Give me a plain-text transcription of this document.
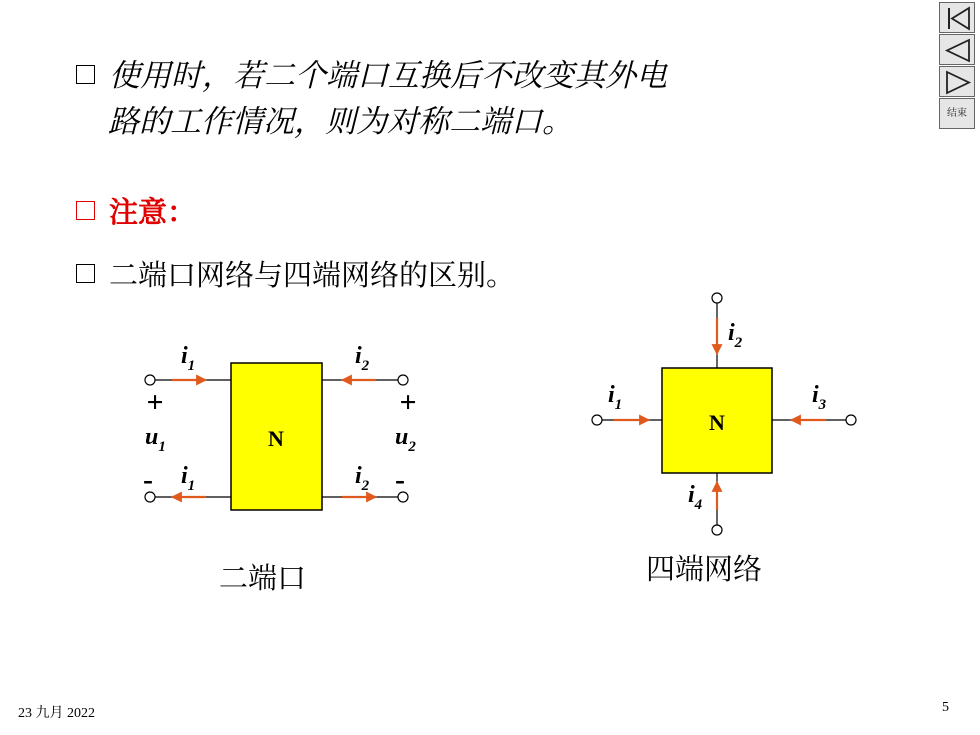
结束
使用时，若二个端口互换后不改变其外电
路的工作情况，则为对称二端口。
注意：
二端口网络与四端网络的区别。
N
$i_1$
$i_1$
$i_2$
$i_2$
+	+
$u_1$	$u_2$
-	-
N
$i_1$
$i_2$
$i_3$
$i_4$
二端口	四端网络
23 九月 2022	5
